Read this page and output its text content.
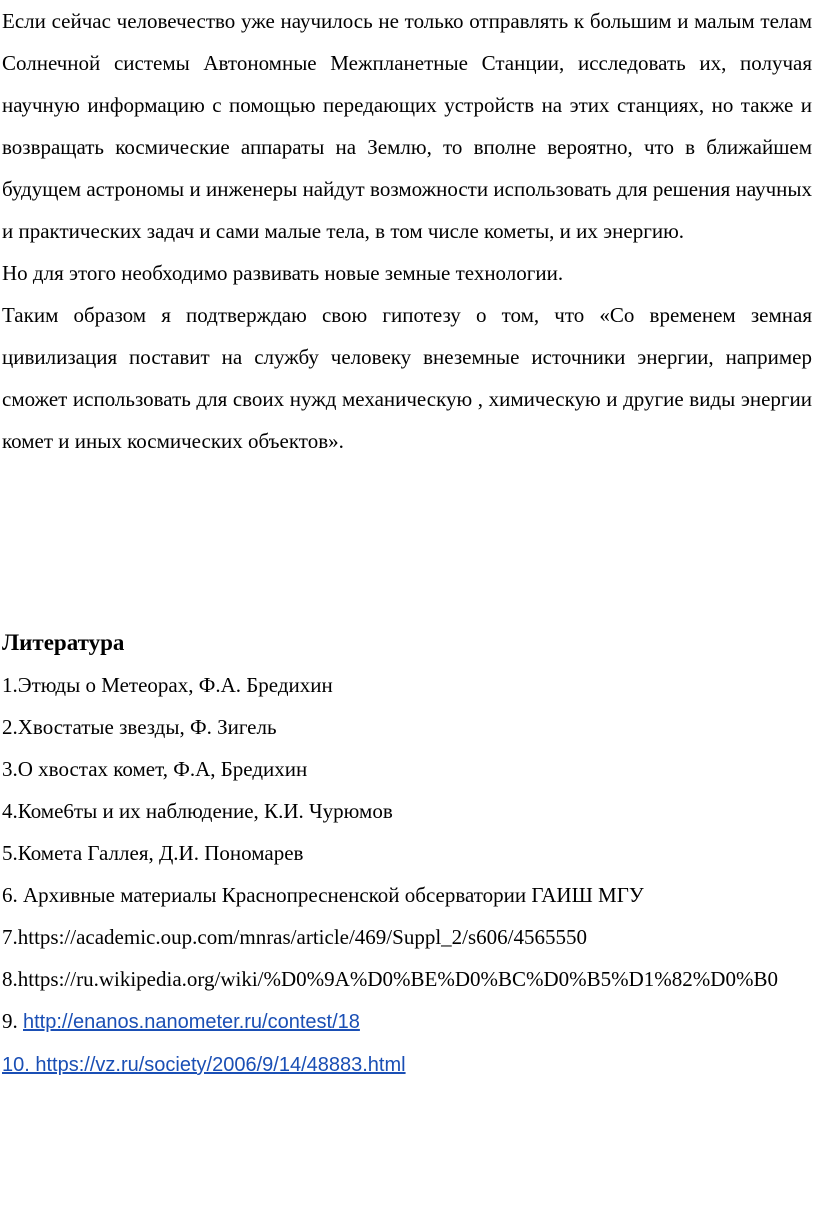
Если сейчас человечество уже научилось не только отправлять к большим и малым телам Солнечной системы Автономные Межпланетные Станции, исследовать их, получая научную информацию с помощью передающих устройств на этих станциях, но также и возвращать космические аппараты на Землю, то вполне вероятно, что в ближайшем будущем астрономы и инженеры найдут возможности использовать для решения научных и практических задач и сами малые тела, в том числе кометы, и их энергию.

Но для этого необходимо развивать новые земные технологии.

Таким образом я подтверждаю свою гипотезу о том, что «Со временем земная цивилизация поставит на службу человеку внеземные источники энергии, например сможет использовать для своих нужд механическую , химическую и другие виды энергии комет и иных космических объектов».

Литература
1.Этюды о Метеорах, Ф.А. Бредихин
2.Хвостатые звезды, Ф. Зигель
3.О хвостах комет, Ф.А, Бредихин
4.Коме6ты и их наблюдение, К.И. Чурюмов
5.Комета Галлея, Д.И. Пономарев
6. Архивные материалы Краснопресненской обсерватории ГАИШ МГУ
7.https://academic.oup.com/mnras/article/469/Suppl_2/s606/4565550
8.https://ru.wikipedia.org/wiki/%D0%9A%D0%BE%D0%BC%D0%B5%D1%82%D0%B0
9. http://enanos.nanometer.ru/contest/18
10. https://vz.ru/society/2006/9/14/48883.html
